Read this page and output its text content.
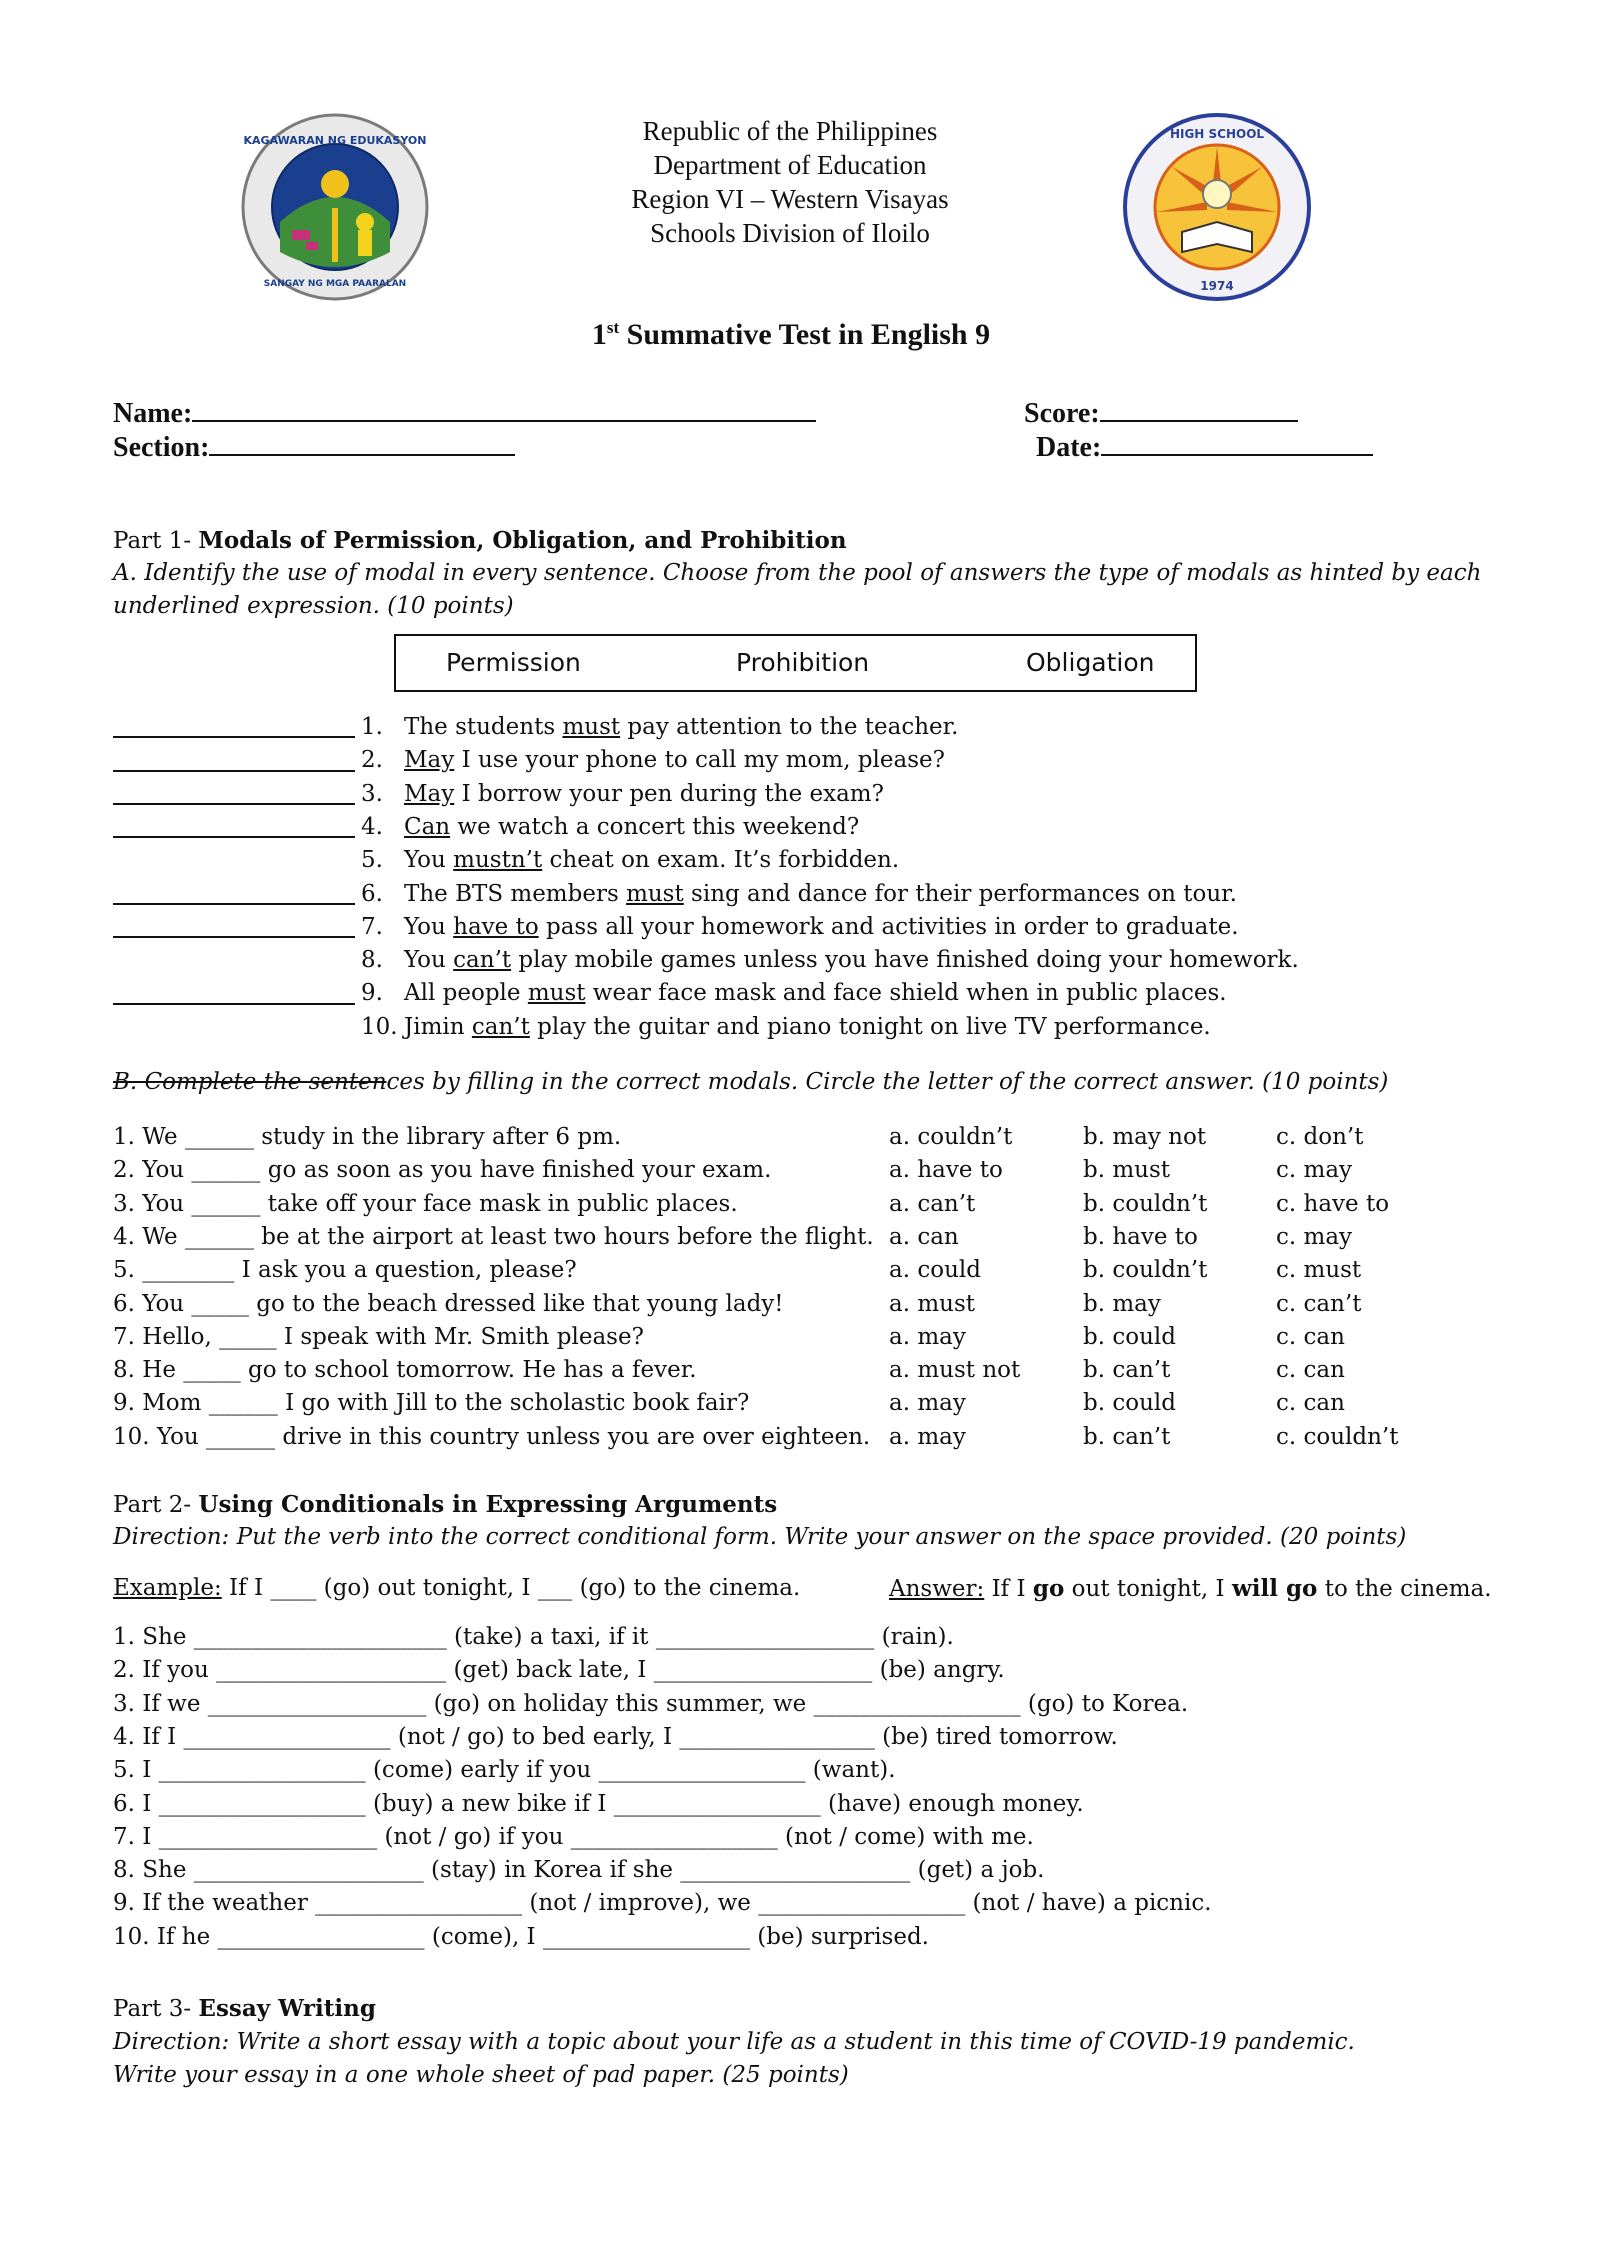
KAGAWARAN NG EDUKASYON
SANGAY NG MGA PAARALAN
HIGH SCHOOL
1974
Republic of the Philippines
Department of Education
Region VI – Western Visayas
Schools Division of Iloilo
1st Summative Test in English 9
Name:
Section:
Score:
Date:
Part 1- Modals of Permission, Obligation, and Prohibition
A. Identify the use of modal in every sentence. Choose from the pool of answers the type of modals as hinted by each
underlined expression. (10 points)
Permission	Prohibition	Obligation
1. The students must pay attention to the teacher.
2. May I use your phone to call my mom, please?
3. May I borrow your pen during the exam?
4. Can we watch a concert this weekend?
5. You mustn’t cheat on exam. It’s forbidden.
6. The BTS members must sing and dance for their performances on tour.
7. You have to pass all your homework and activities in order to graduate.
8. You can’t play mobile games unless you have finished doing your homework.
9. All people must wear face mask and face shield when in public places.
10. Jimin can’t play the guitar and piano tonight on live TV performance.
B. Complete the sentences by filling in the correct modals. Circle the letter of the correct answer. (10 points)
1. We ______ study in the library after 6 pm.	a. couldn’t	b. may not	c. don’t
2. You ______ go as soon as you have finished your exam.	a. have to	b. must	c. may
3. You ______ take off your face mask in public places.	a. can’t	b. couldn’t	c. have to
4. We ______ be at the airport at least two hours before the flight. a. can	b. have to	c. may
5. ________ I ask you a question, please?	a. could	b. couldn’t	c. must
6. You _____ go to the beach dressed like that young lady!	a. must	b. may	c. can’t
7. Hello, _____ I speak with Mr. Smith please?	a. may	b. could	c. can
8. He _____ go to school tomorrow. He has a fever.	a. must not	b. can’t	c. can
9. Mom ______ I go with Jill to the scholastic book fair?	a. may	b. could	c. can
10. You ______ drive in this country unless you are over eighteen. a. may	b. can’t	c. couldn’t
Part 2- Using Conditionals in Expressing Arguments
Direction: Put the verb into the correct conditional form. Write your answer on the space provided. (20 points)
Example: If I ____ (go) out tonight, I ___ (go) to the cinema.	Answer: If I go out tonight, I will go to the cinema.
1. She ______________________ (take) a taxi, if it ___________________ (rain).
2. If you ____________________ (get) back late, I ___________________ (be) angry.
3. If we ___________________ (go) on holiday this summer, we __________________ (go) to Korea.
4. If I __________________ (not / go) to bed early, I _________________ (be) tired tomorrow.
5. I __________________ (come) early if you __________________ (want).
6. I __________________ (buy) a new bike if I __________________ (have) enough money.
7. I ___________________ (not / go) if you __________________ (not / come) with me.
8. She ____________________ (stay) in Korea if she ____________________ (get) a job.
9. If the weather __________________ (not / improve), we __________________ (not / have) a picnic.
10. If he __________________ (come), I __________________ (be) surprised.
Part 3- Essay Writing
Direction: Write a short essay with a topic about your life as a student in this time of COVID-19 pandemic.
Write your essay in a one whole sheet of pad paper. (25 points)
